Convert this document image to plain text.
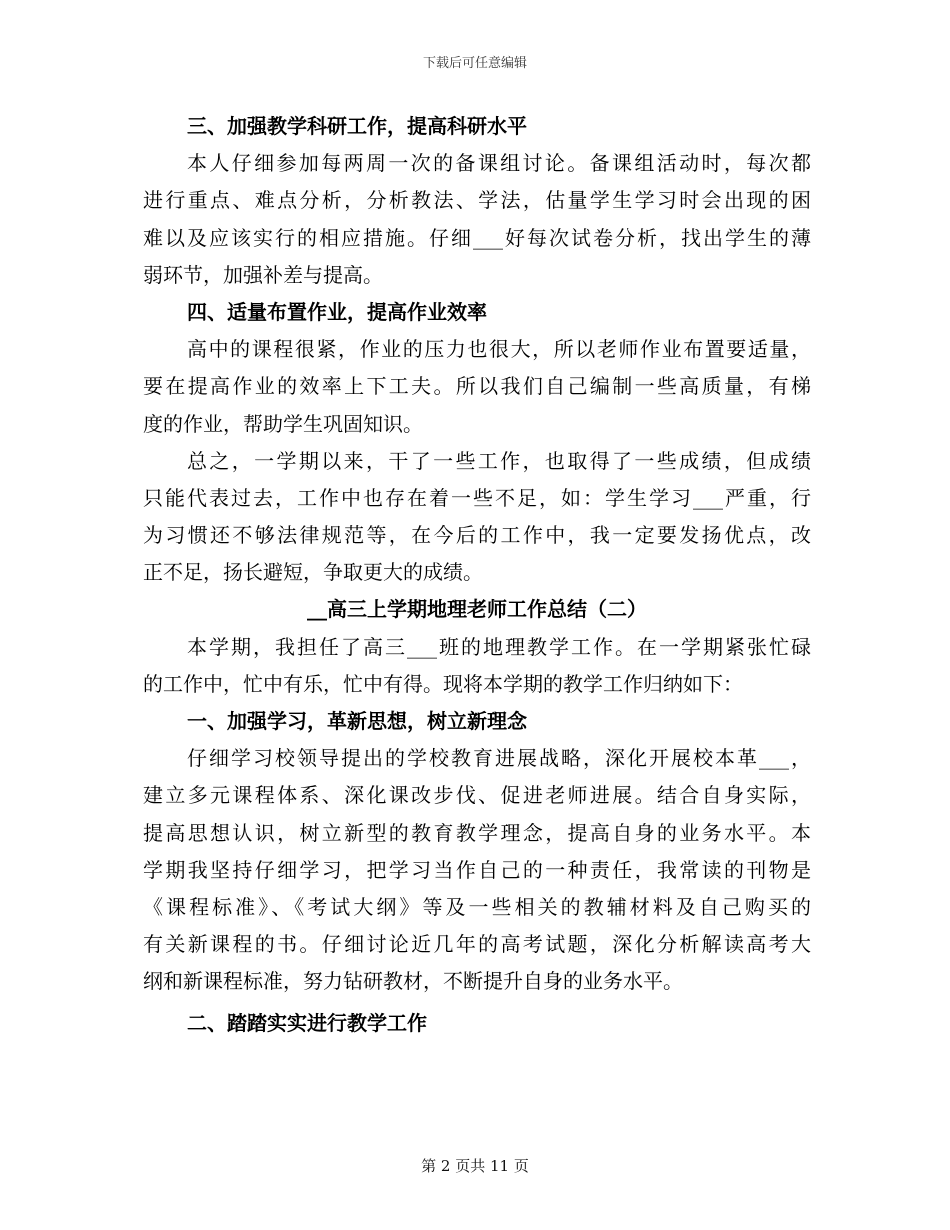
下载后可任意编辑
三、加强教学科研工作，提高科研水平
本人仔细参加每两周一次的备课组讨论。备课组活动时，每次都
进行重点、难点分析，分析教法、学法，估量学生学习时会出现的困
难以及应该实行的相应措施。仔细___好每次试卷分析，找出学生的薄
弱环节，加强补差与提高。
四、适量布置作业，提高作业效率
高中的课程很紧，作业的压力也很大，所以老师作业布置要适量，
要在提高作业的效率上下工夫。所以我们自己编制一些高质量，有梯
度的作业，帮助学生巩固知识。
总之，一学期以来，干了一些工作，也取得了一些成绩，但成绩
只能代表过去，工作中也存在着一些不足，如：学生学习___严重，行
为习惯还不够法律规范等，在今后的工作中，我一定要发扬优点，改
正不足，扬长避短，争取更大的成绩。
__高三上学期地理老师工作总结（二）
本学期，我担任了高三___班的地理教学工作。在一学期紧张忙碌
的工作中，忙中有乐，忙中有得。现将本学期的教学工作归纳如下：
一、加强学习，革新思想，树立新理念
仔细学习校领导提出的学校教育进展战略，深化开展校本革___，
建立多元课程体系、深化课改步伐、促进老师进展。结合自身实际，
提高思想认识，树立新型的教育教学理念，提高自身的业务水平。本
学期我坚持仔细学习，把学习当作自己的一种责任，我常读的刊物是
《课程标准》、《考试大纲》等及一些相关的教辅材料及自己购买的
有关新课程的书。仔细讨论近几年的高考试题，深化分析解读高考大
纲和新课程标准，努力钻研教材，不断提升自身的业务水平。
二、踏踏实实进行教学工作
第 2 页共 11 页
